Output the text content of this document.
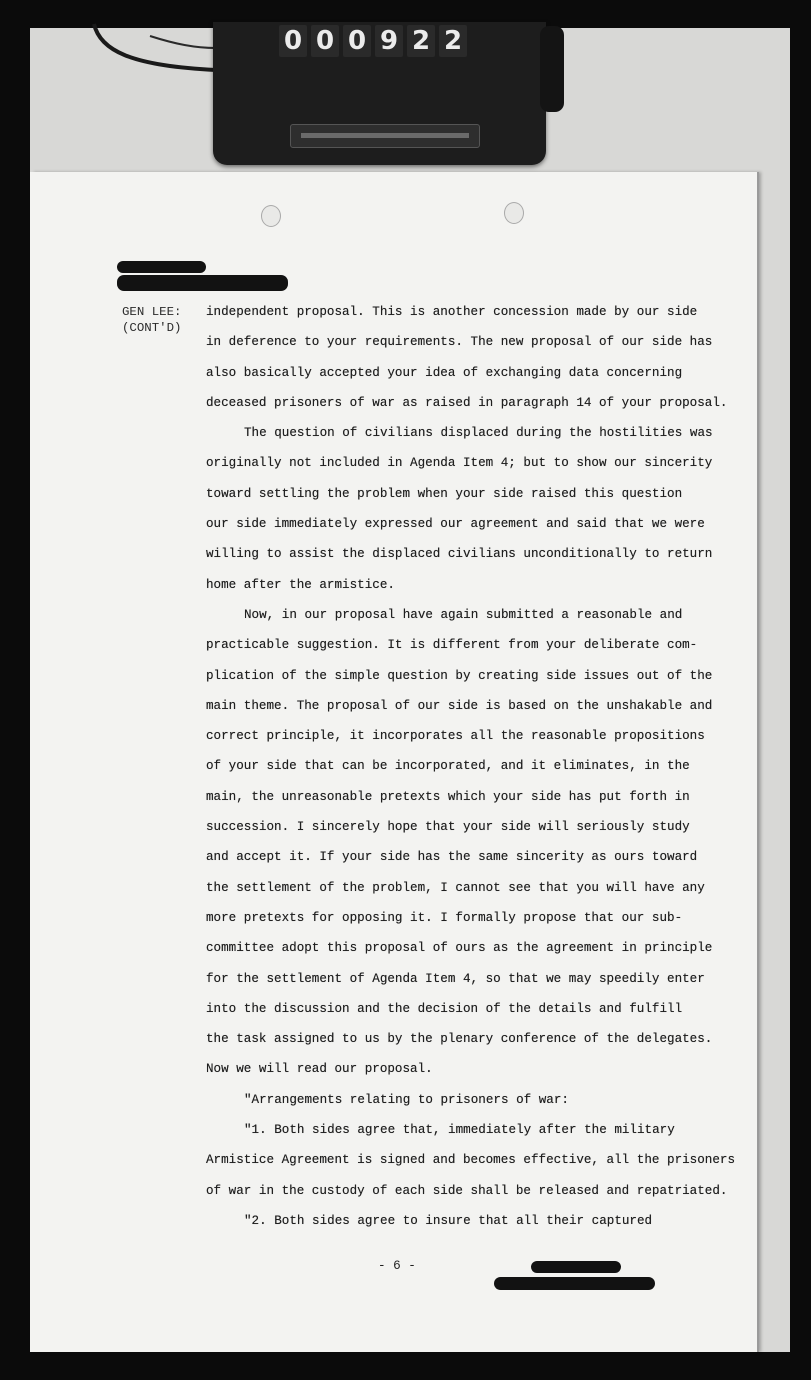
0 0 0 9 2 2
GEN LEE:
(CONT'D)
independent proposal. This is another concession made by our side
in deference to your requirements. The new proposal of our side has
also basically accepted your idea of exchanging data concerning
deceased prisoners of war as raised in paragraph 14 of your proposal.
The question of civilians displaced during the hostilities was
originally not included in Agenda Item 4; but to show our sincerity
toward settling the problem when your side raised this question
our side immediately expressed our agreement and said that we were
willing to assist the displaced civilians unconditionally to return
home after the armistice.
Now, in our proposal have again submitted a reasonable and
practicable suggestion. It is different from your deliberate com-
plication of the simple question by creating side issues out of the
main theme. The proposal of our side is based on the unshakable and
correct principle, it incorporates all the reasonable propositions
of your side that can be incorporated, and it eliminates, in the
main, the unreasonable pretexts which your side has put forth in
succession. I sincerely hope that your side will seriously study
and accept it. If your side has the same sincerity as ours toward
the settlement of the problem, I cannot see that you will have any
more pretexts for opposing it. I formally propose that our sub-
committee adopt this proposal of ours as the agreement in principle
for the settlement of Agenda Item 4, so that we may speedily enter
into the discussion and the decision of the details and fulfill
the task assigned to us by the plenary conference of the delegates.
Now we will read our proposal.
"Arrangements relating to prisoners of war:
"1. Both sides agree that, immediately after the military
Armistice Agreement is signed and becomes effective, all the prisoners
of war in the custody of each side shall be released and repatriated.
"2. Both sides agree to insure that all their captured
- 6 -
